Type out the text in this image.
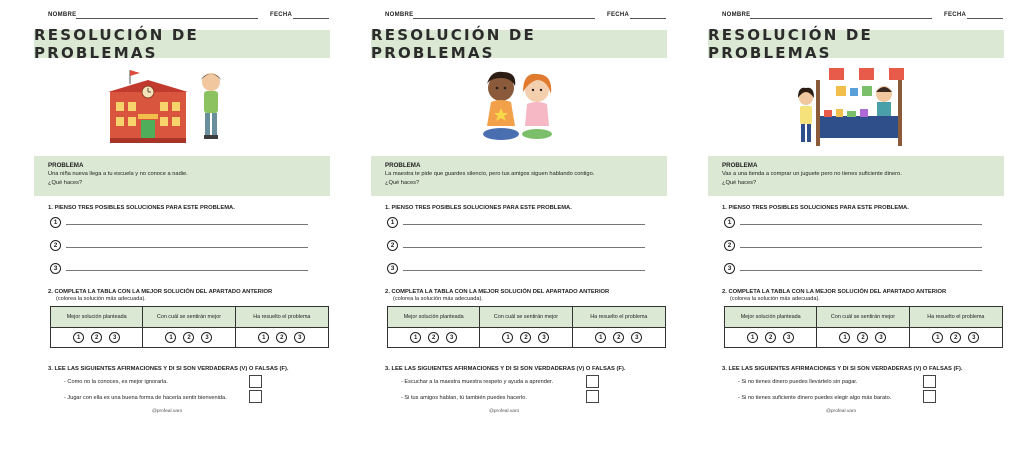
NOMBRE	FECHA
RESOLUCIÓN DE PROBLEMAS
PROBLEMA
Una niña nueva llega a tu escuela y no conoce a nadie.
¿Qué haces?
1. PIENSO TRES POSIBLES SOLUCIONES PARA ESTE PROBLEMA.
1
2
3
2. COMPLETA LA TABLA CON LA MEJOR SOLUCIÓN DEL APARTADO ANTERIOR
(colorea la solución más adecuada).
Mejor solución planteada	Con cuál se sentirán mejor	Ha resuelto el problema
1	2	3	1	2	3	1	2	3
3. LEE LAS SIGUIENTES AFIRMACIONES Y DI SI SON VERDADERAS (V) O FALSAS (F).
- Como no la conoces, es mejor ignorarla.
- Jugar con ella es una buena forma de hacerla sentir bienvenida.
@profeal.varo
NOMBRE	FECHA
RESOLUCIÓN DE PROBLEMAS
PROBLEMA
La maestra te pide que guardes silencio, pero tus amigos siguen hablando contigo.
¿Qué haces?
1. PIENSO TRES POSIBLES SOLUCIONES PARA ESTE PROBLEMA.
1
2
3
2. COMPLETA LA TABLA CON LA MEJOR SOLUCIÓN DEL APARTADO ANTERIOR
(colorea la solución más adecuada).
Mejor solución planteada	Con cuál se sentirán mejor	Ha resuelto el problema
1	2	3	1	2	3	1	2	3
3. LEE LAS SIGUIENTES AFIRMACIONES Y DI SI SON VERDADERAS (V) O FALSAS (F).
- Escuchar a la maestra muestra respeto y ayuda a aprender.
- Si tus amigos hablan, tú también puedes hacerlo.
@profeal.varo
NOMBRE	FECHA
RESOLUCIÓN DE PROBLEMAS
PROBLEMA
Vas a una tienda a comprar un juguete pero no tienes suficiente dinero.
¿Qué haces?
1. PIENSO TRES POSIBLES SOLUCIONES PARA ESTE PROBLEMA.
1
2
3
2. COMPLETA LA TABLA CON LA MEJOR SOLUCIÓN DEL APARTADO ANTERIOR
(colorea la solución más adecuada).
Mejor solución planteada	Con cuál se sentirán mejor	Ha resuelto el problema
1	2	3	1	2	3	1	2	3
3. LEE LAS SIGUIENTES AFIRMACIONES Y DI SI SON VERDADERAS (V) O FALSAS (F).
- Si no tienes dinero puedes llevártelo sin pagar.
- Si no tienes suficiente dinero puedes elegir algo más barato.
@profeal.varo
